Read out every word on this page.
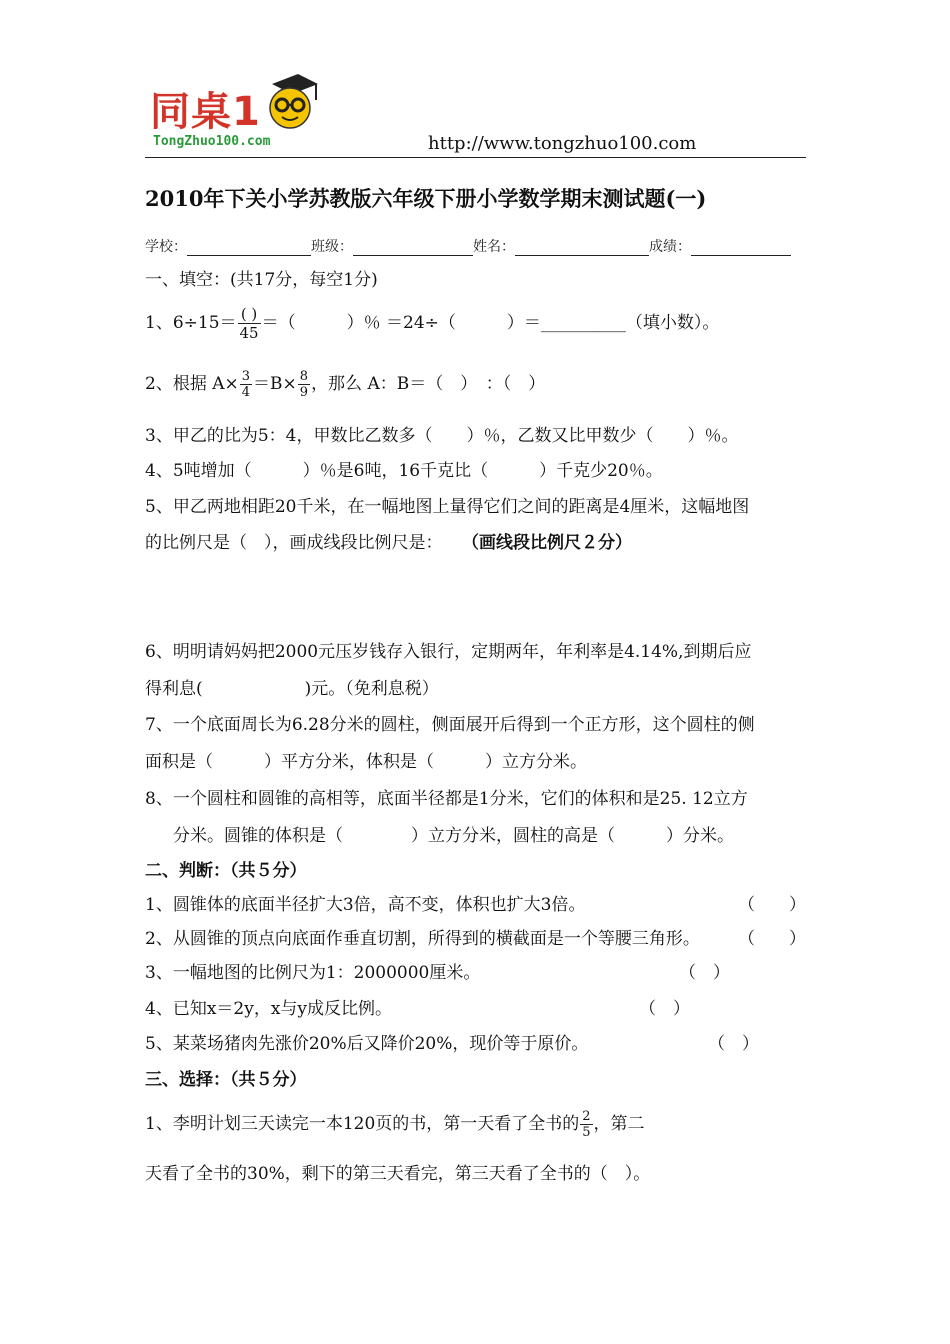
同桌1
TongZhuo100.com	http://www.tongzhuo100.com
2010年下关小学苏教版六年级下册小学数学期末测试题(一)
学校：	班级：	姓名：	成绩：
一、填空：(共17分，每空1分)
1、$6\div 15= \frac{( )}{45}$ ＝（　　　）％ ＝24÷（　　　）＝__________（填小数）。
2、根据 $A\times \frac{3}{4} =B\times \frac{8}{9}$ ，那么 A：B＝（　）　：（　）
3、甲乙的比为5：4，甲数比乙数多（　　）％，乙数又比甲数少（　　）％。
4、5吨增加（　　　）％是6吨，16千克比（　　　）千克少20％。
5、甲乙两地相距20千米，在一幅地图上量得它们之间的距离是4厘米，这幅地图
的比例尺是（　），画成线段比例尺是： （画线段比例尺２分）
6、明明请妈妈把2000元压岁钱存入银行，定期两年，年利率是4.14%,到期后应
得利息(　　　　　　)元。（免利息税）
7、一个底面周长为6.28分米的圆柱，侧面展开后得到一个正方形，这个圆柱的侧
面积是（　　　）平方分米，体积是（　　　）立方分米。
8、一个圆柱和圆锥的高相等，底面半径都是1分米，它们的体积和是25. 12立方
分米。圆锥的体积是（　　　　）立方分米，圆柱的高是（　　　）分米。
二、判断：（共５分）
1、圆锥体的底面半径扩大3倍，高不变，体积也扩大3倍。	（　　）
2、从圆锥的顶点向底面作垂直切割，所得到的横截面是一个等腰三角形。 （　　）
3、一幅地图的比例尺为1：2000000厘米。	（　）
4、已知x＝2y，x与y成反比例。	（　）
5、某菜场猪肉先涨价20%后又降价20%，现价等于原价。	（　）
三、选择：（共５分）
1、李明计划三天读完一本120页的书，第一天看了全书的 $\frac{2}{5}$ ，第二
天看了全书的30%，剩下的第三天看完，第三天看了全书的（　）。
